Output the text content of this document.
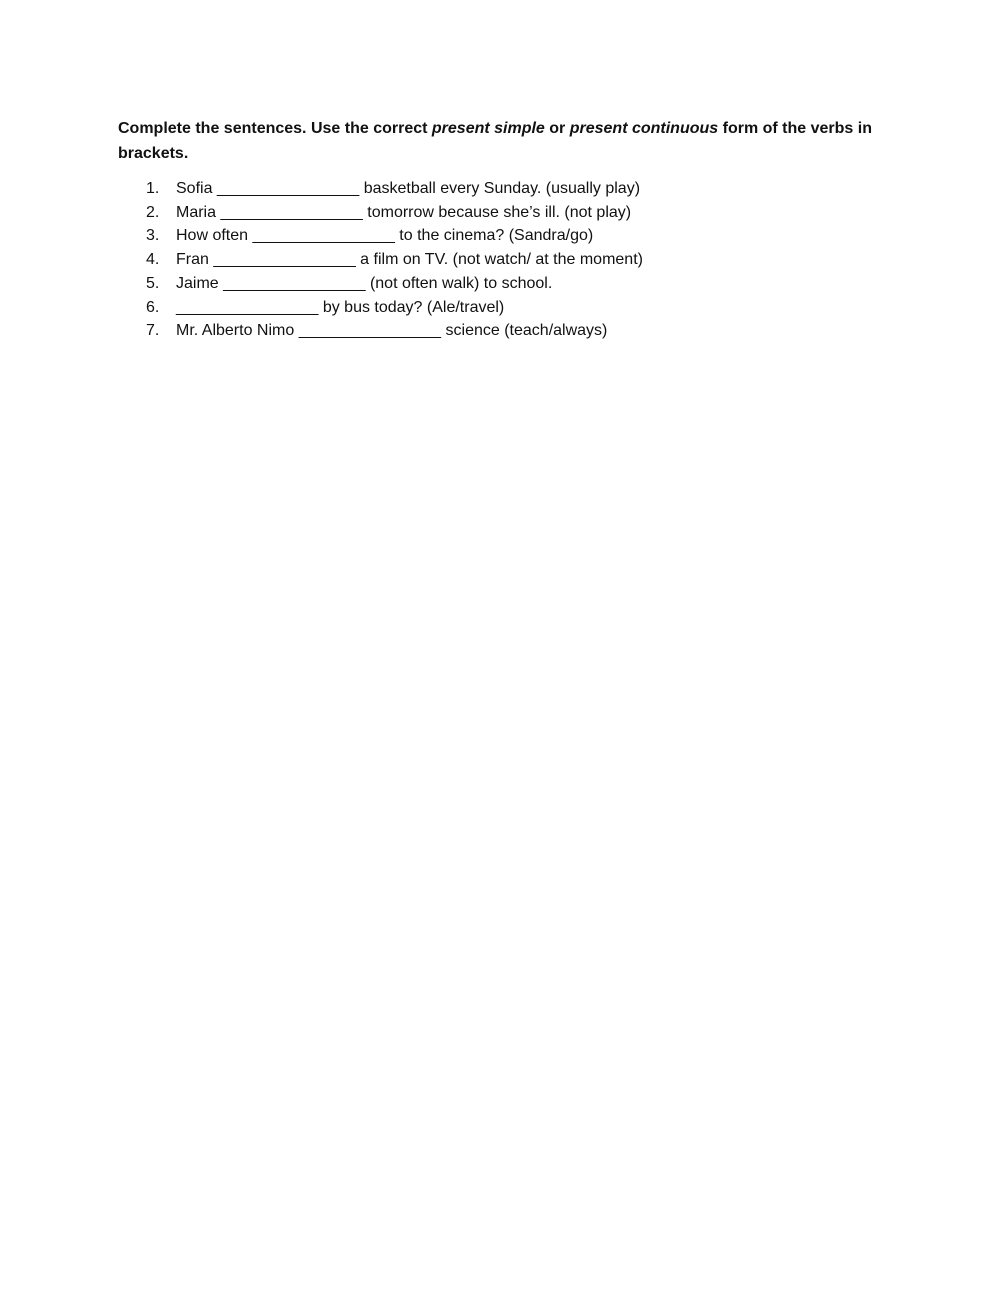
Complete the sentences. Use the correct present simple or present continuous form of the verbs in brackets.
1.	Sofia ________________ basketball every Sunday. (usually play)
2.	Maria ________________ tomorrow because she’s ill. (not play)
3.	How often ________________ to the cinema? (Sandra/go)
4.	Fran ________________ a film on TV. (not watch/ at the moment)
5.	Jaime ________________ (not often walk) to school.
6.	________________ by bus today? (Ale/travel)
7.	Mr. Alberto Nimo ________________ science (teach/always)
